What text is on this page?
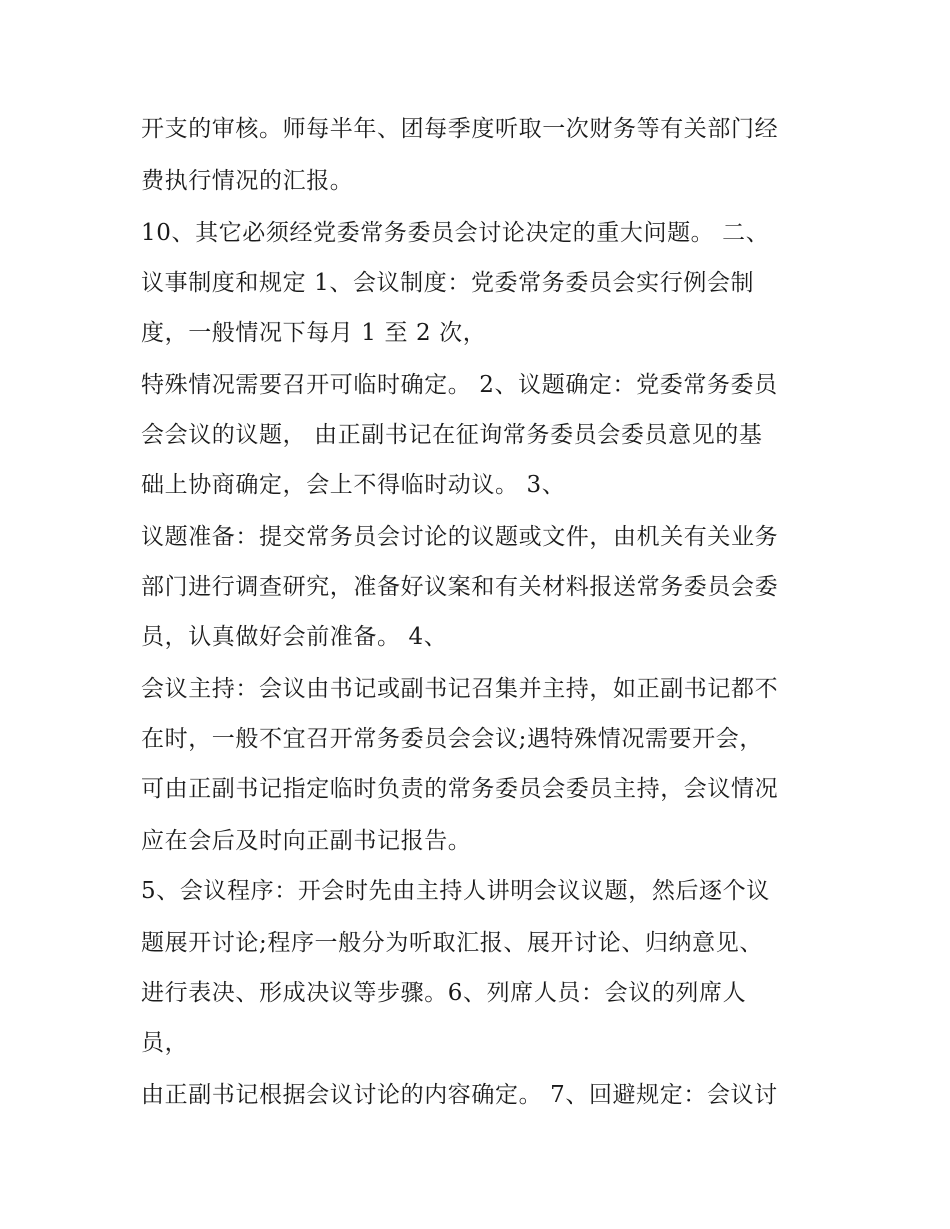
开支的审核。师每半年、团每季度听取一次财务等有关部门经
费执行情况的汇报。
10、其它必须经党委常务委员会讨论决定的重大问题。 二、
议事制度和规定 1、会议制度：党委常务委员会实行例会制
度，一般情况下每月 1 至 2 次，
特殊情况需要召开可临时确定。 2、议题确定：党委常务委员
会会议的议题， 由正副书记在征询常务委员会委员意见的基
础上协商确定，会上不得临时动议。 3、
议题准备：提交常务员会讨论的议题或文件，由机关有关业务
部门进行调查研究，准备好议案和有关材料报送常务委员会委
员，认真做好会前准备。 4、
会议主持：会议由书记或副书记召集并主持，如正副书记都不
在时，一般不宜召开常务委员会会议;遇特殊情况需要开会，
可由正副书记指定临时负责的常务委员会委员主持，会议情况
应在会后及时向正副书记报告。
5、会议程序：开会时先由主持人讲明会议议题，然后逐个议
题展开讨论;程序一般分为听取汇报、展开讨论、归纳意见、
进行表决、形成决议等步骤。6、列席人员：会议的列席人
员，
由正副书记根据会议讨论的内容确定。 7、回避规定：会议讨
